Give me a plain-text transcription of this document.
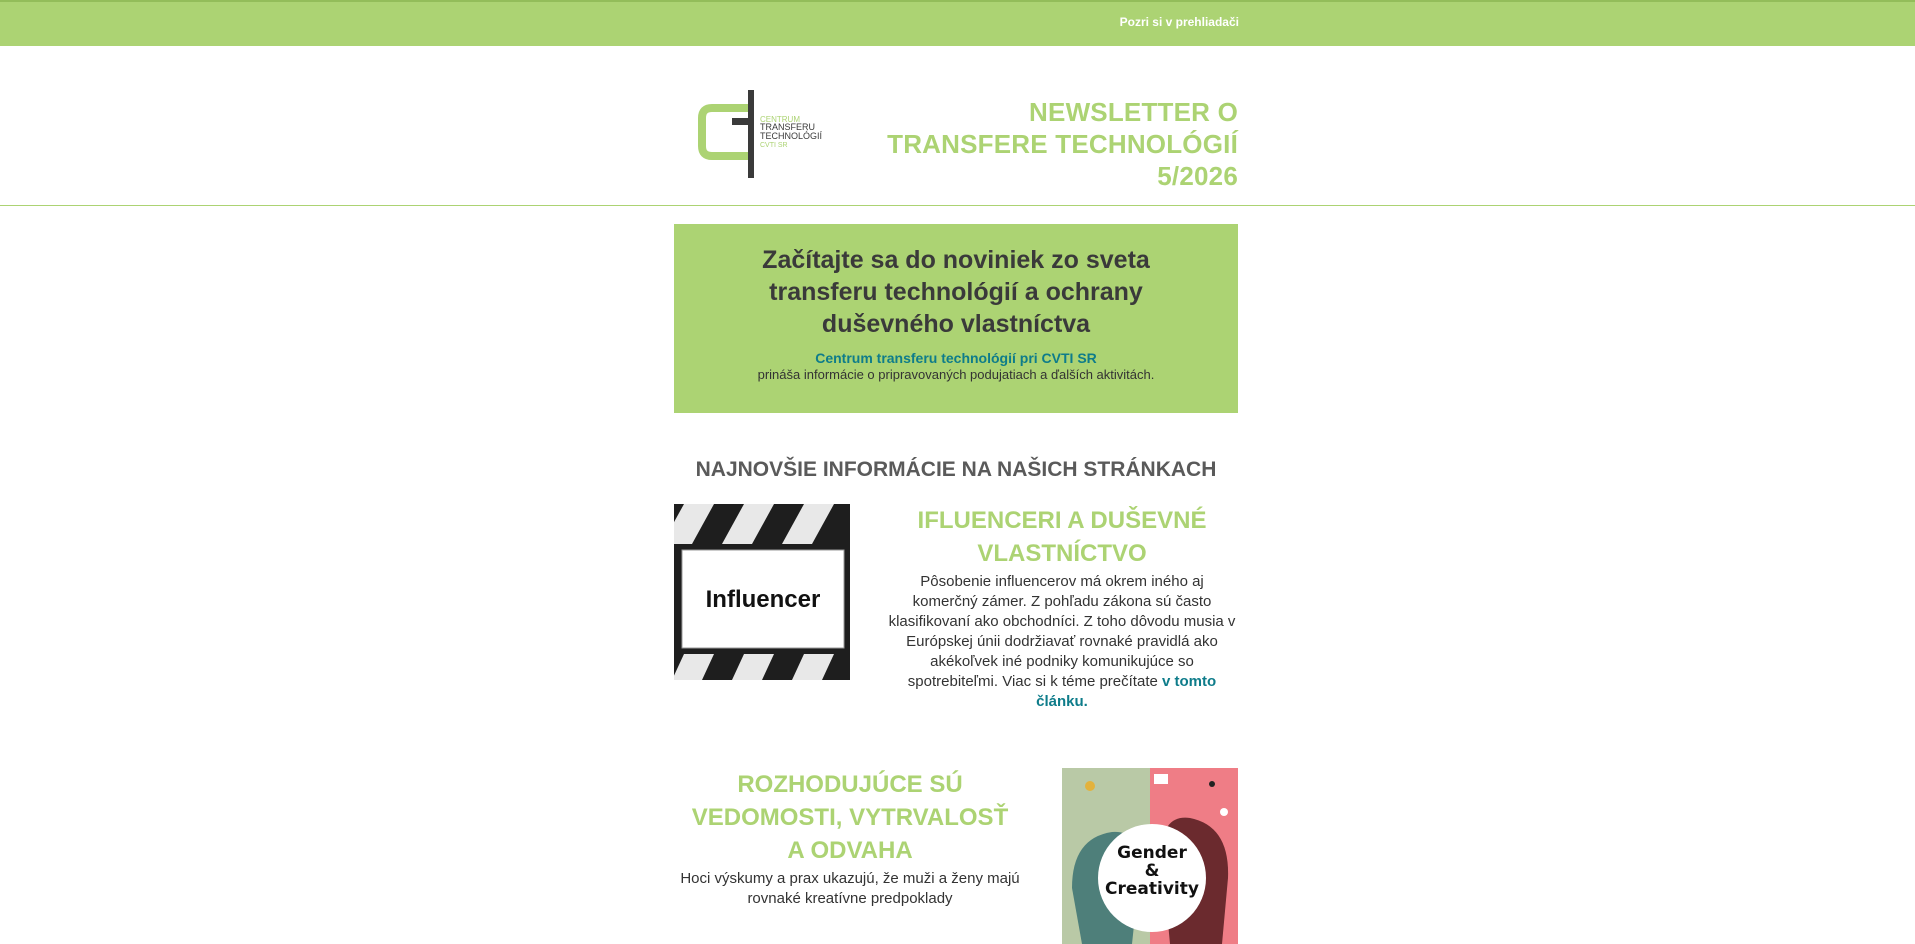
Pozri si v prehliadači
CENTRUM
TRANSFERU
TECHNOLÓGIÍ
CVTI SR
NEWSLETTER O
TRANSFERE TECHNOLÓGIÍ
5/2026
Začítajte sa do noviniek zo sveta
transferu technológií a ochrany
duševného vlastníctva
Centrum transferu technológií pri CVTI SR
prináša informácie o pripravovaných podujatiach a ďalších aktivitách.
NAJNOVŠIE INFORMÁCIE NA NAŠICH STRÁNKACH
Influencer
IFLUENCERI A DUŠEVNÉ
VLASTNÍCTVO
Pôsobenie influencerov má okrem iného aj komerčný zámer. Z pohľadu zákona sú často klasifikovaní ako obchodníci. Z toho dôvodu musia v Európskej únii dodržiavať rovnaké pravidlá ako akékoľvek iné podniky komunikujúce so spotrebiteľmi. Viac si k téme prečítate v tomto článku.
ROZHODUJÚCE SÚ
VEDOMOSTI, VYTRVALOSŤ
A ODVAHA
Hoci výskumy a prax ukazujú, že muži a ženy majú rovnaké kreatívne predpoklady
Gender
&
Creativity
